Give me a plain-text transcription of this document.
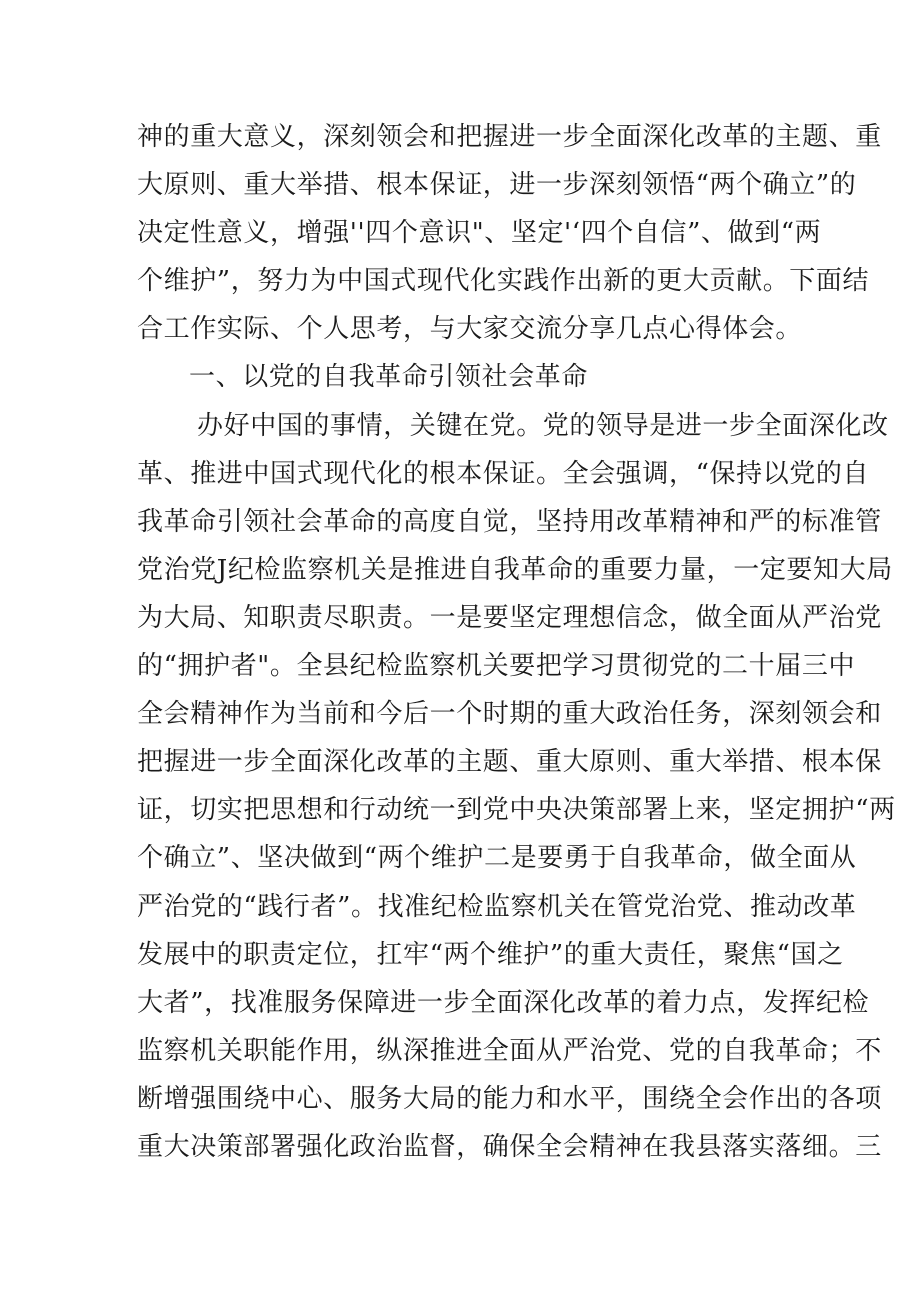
神的重大意义，深刻领会和把握进一步全面深化改革的主题、重
大原则、重大举措、根本保证，进一步深刻领悟“两个确立”的
决定性意义，增强''四个意识"、坚定'‘四个自信”、做到“两
个维护”，努力为中国式现代化实践作出新的更大贡献。下面结
合工作实际、个人思考，与大家交流分享几点心得体会。
一、以党的自我革命引领社会革命
办好中国的事情，关键在党。党的领导是进一步全面深化改
革、推进中国式现代化的根本保证。全会强调，“保持以党的自
我革命引领社会革命的高度自觉，坚持用改革精神和严的标准管
党治党J纪检监察机关是推进自我革命的重要力量，一定要知大局
为大局、知职责尽职责。一是要坚定理想信念，做全面从严治党
的“拥护者"。全县纪检监察机关要把学习贯彻党的二十届三中
全会精神作为当前和今后一个时期的重大政治任务，深刻领会和
把握进一步全面深化改革的主题、重大原则、重大举措、根本保
证，切实把思想和行动统一到党中央决策部署上来，坚定拥护“两
个确立”、坚决做到“两个维护二是要勇于自我革命，做全面从
严治党的“践行者”。找准纪检监察机关在管党治党、推动改革
发展中的职责定位，扛牢“两个维护”的重大责任，聚焦“国之
大者”，找准服务保障进一步全面深化改革的着力点，发挥纪检
监察机关职能作用，纵深推进全面从严治党、党的自我革命；不
断增强围绕中心、服务大局的能力和水平，围绕全会作出的各项
重大决策部署强化政治监督，确保全会精神在我县落实落细。三
